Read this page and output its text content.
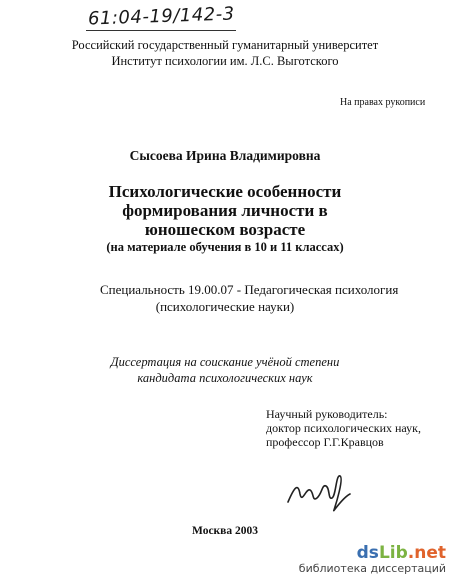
61:04-19/142-3
Российский государственный гуманитарный университет
Институт психологии им. Л.С. Выготского
На правах рукописи
Сысоева Ирина Владимировна
Психологические особенности
формирования личности в
юношеском возрасте
(на материале обучения в 10 и 11 классах)
Специальность 19.00.07 - Педагогическая психология
(психологические науки)
Диссертация на соискание учёной степени
кандидата психологических наук
Научный руководитель:
доктор психологических наук,
профессор Г.Г.Кравцов
Москва 2003
dsLib.net
библиотека диссертаций
